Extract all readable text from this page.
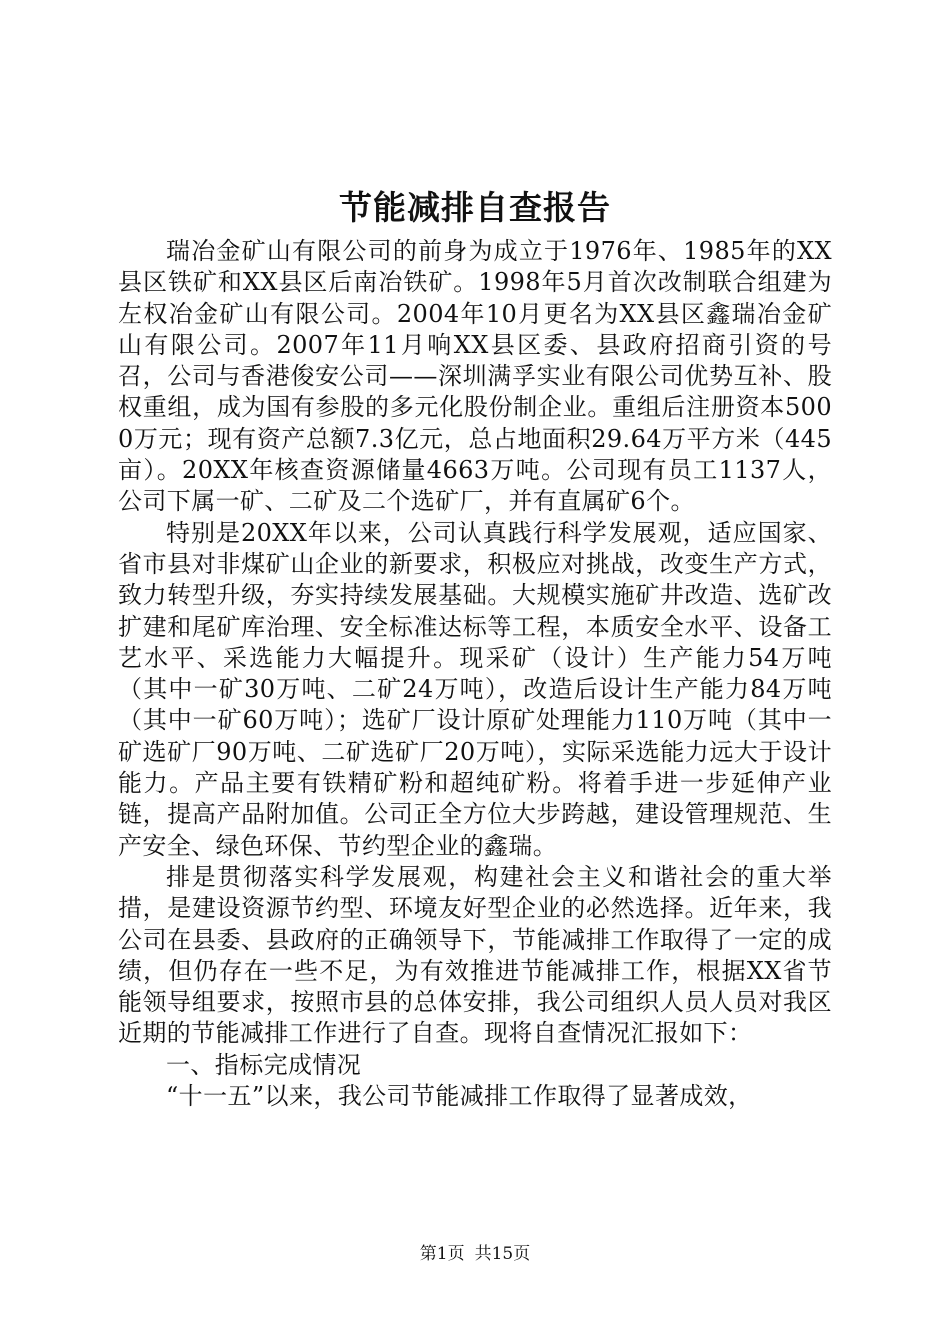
节能减排自查报告

瑞冶金矿山有限公司的前身为成立于1976年、1985年的XX县区铁矿和XX县区后南冶铁矿。1998年5月首次改制联合组建为左权冶金矿山有限公司。2004年10月更名为XX县区鑫瑞冶金矿山有限公司。2007年11月响XX县区委、县政府招商引资的号召，公司与香港俊安公司——深圳满孚实业有限公司优势互补、股权重组，成为国有参股的多元化股份制企业。重组后注册资本5000万元；现有资产总额7.3亿元，总占地面积29.64万平方米（445亩）。20XX年核查资源储量4663万吨。公司现有员工1137人，公司下属一矿、二矿及二个选矿厂，并有直属矿6个。

特别是20XX年以来，公司认真践行科学发展观，适应国家、省市县对非煤矿山企业的新要求，积极应对挑战，改变生产方式，致力转型升级，夯实持续发展基础。大规模实施矿井改造、选矿改扩建和尾矿库治理、安全标准达标等工程，本质安全水平、设备工艺水平、采选能力大幅提升。现采矿（设计）生产能力54万吨（其中一矿30万吨、二矿24万吨），改造后设计生产能力84万吨（其中一矿60万吨）；选矿厂设计原矿处理能力110万吨（其中一矿选矿厂90万吨、二矿选矿厂20万吨），实际采选能力远大于设计能力。产品主要有铁精矿粉和超纯矿粉。将着手进一步延伸产业链，提高产品附加值。公司正全方位大步跨越，建设管理规范、生产安全、绿色环保、节约型企业的鑫瑞。

排是贯彻落实科学发展观，构建社会主义和谐社会的重大举措，是建设资源节约型、环境友好型企业的必然选择。近年来，我公司在县委、县政府的正确领导下，节能减排工作取得了一定的成绩，但仍存在一些不足，为有效推进节能减排工作，根据XX省节能领导组要求，按照市县的总体安排，我公司组织人员人员对我区近期的节能减排工作进行了自查。现将自查情况汇报如下：

一、指标完成情况

“十一五”以来，我公司节能减排工作取得了显著成效，

第1页 共15页
